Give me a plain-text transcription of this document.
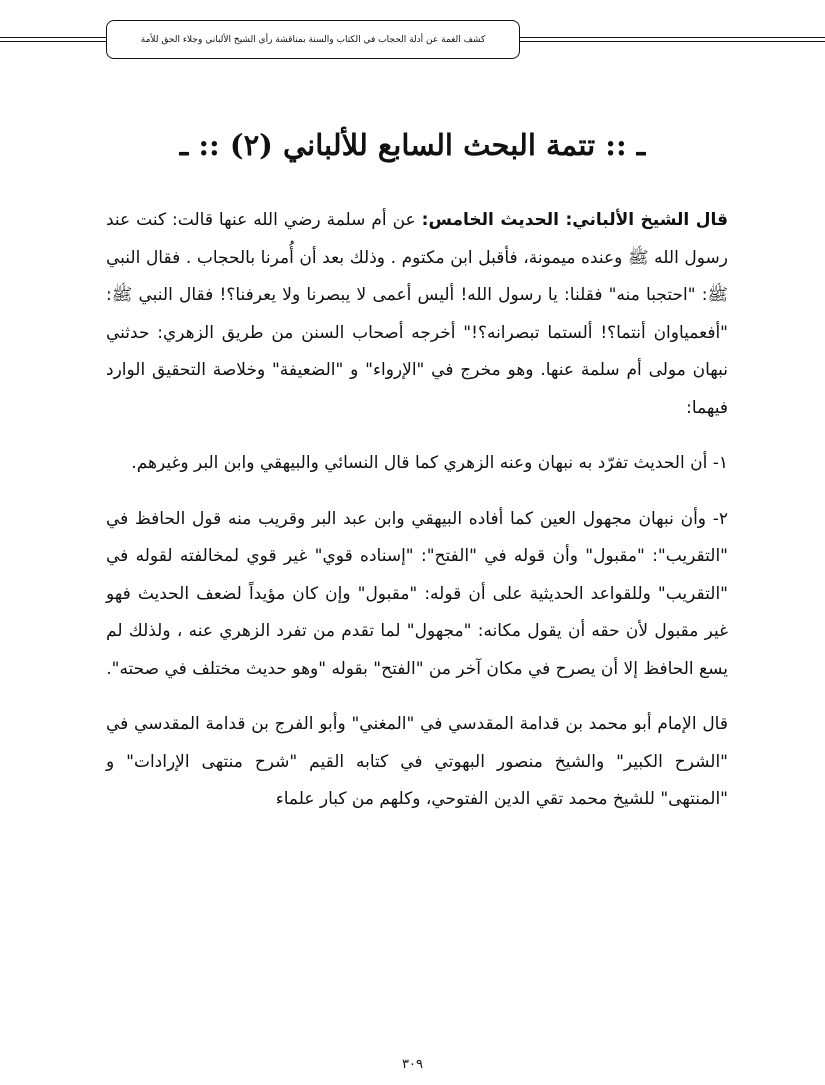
كشف الغمة عن أدلة الحجاب في الكتاب والسنة بمناقشة رأي الشيخ الألباني وجلاء الحق للأمة
ـ :: تتمة البحث السابع للألباني (٢) :: ـ

قال الشيخ الألباني: الحديث الخامس: عن أم سلمة رضي الله عنها قالت: كنت عند رسول الله ﷺ وعنده ميمونة، فأقبل ابن مكتوم . وذلك بعد أن أُمرنا بالحجاب . فقال النبي ﷺ: "احتجبا منه" فقلنا: يا رسول الله! أليس أعمى لا يبصرنا ولا يعرفنا؟! فقال النبي ﷺ: "أفعمياوان أنتما؟! ألستما تبصرانه؟!" أخرجه أصحاب السنن من طريق الزهري: حدثني نبهان مولى أم سلمة عنها. وهو مخرج في "الإرواء" و "الضعيفة" وخلاصة التحقيق الوارد فيهما:

١- أن الحديث تفرّد به نبهان وعنه الزهري كما قال النسائي والبيهقي وابن البر وغيرهم.

٢- وأن نبهان مجهول العين كما أفاده البيهقي وابن عبد البر وقريب منه قول الحافظ في "التقريب": "مقبول" وأن قوله في "الفتح": "إسناده قوي" غير قوي لمخالفته لقوله في "التقريب" وللقواعد الحديثية على أن قوله: "مقبول" وإن كان مؤيداً لضعف الحديث فهو غير مقبول لأن حقه أن يقول مكانه: "مجهول" لما تقدم من تفرد الزهري عنه ، ولذلك لم يسع الحافظ إلا أن يصرح في مكان آخر من "الفتح" بقوله "وهو حديث مختلف في صحته".

قال الإمام أبو محمد بن قدامة المقدسي في "المغني" وأبو الفرج بن قدامة المقدسي في "الشرح الكبير" والشيخ منصور البهوتي في كتابه القيم "شرح منتهى الإرادات" و "المنتهى" للشيخ محمد تقي الدين الفتوحي، وكلهم من كبار علماء

٣٠٩
